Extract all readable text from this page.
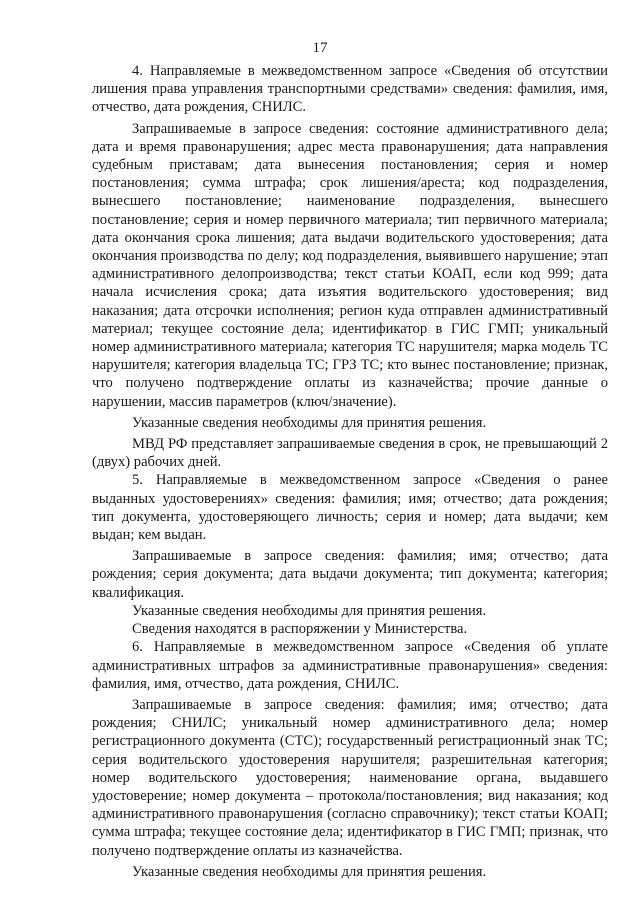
17

4. Направляемые в межведомственном запросе «Сведения об отсутствии лишения права управления транспортными средствами» сведения: фамилия, имя, отчество, дата рождения, СНИЛС.

Запрашиваемые в запросе сведения: состояние административного дела; дата и время правонарушения; адрес места правонарушения; дата направления судебным приставам; дата вынесения постановления; серия и номер постановления; сумма штрафа; срок лишения/ареста; код подразделения, вынесшего постановление; наименование подразделения, вынесшего постановление; серия и номер первичного материала; тип первичного материала; дата окончания срока лишения; дата выдачи водительского удостоверения; дата окончания производства по делу; код подразделения, выявившего нарушение; этап административного делопроизводства; текст статьи КОАП, если код 999; дата начала исчисления срока; дата изъятия водительского удостоверения; вид наказания; дата отсрочки исполнения; регион куда отправлен административный материал; текущее состояние дела; идентификатор в ГИС ГМП; уникальный номер административного материала; категория ТС нарушителя; марка модель ТС нарушителя; категория владельца ТС; ГРЗ ТС; кто вынес постановление; признак, что получено подтверждение оплаты из казначейства; прочие данные о нарушении, массив параметров (ключ/значение).

Указанные сведения необходимы для принятия решения.

МВД РФ представляет запрашиваемые сведения в срок, не превышающий 2 (двух) рабочих дней.

5. Направляемые в межведомственном запросе «Сведения о ранее выданных удостоверениях» сведения: фамилия; имя; отчество; дата рождения; тип документа, удостоверяющего личность; серия и номер; дата выдачи; кем выдан; кем выдан.

Запрашиваемые в запросе сведения: фамилия; имя; отчество; дата рождения; серия документа; дата выдачи документа; тип документа; категория; квалификация.

Указанные сведения необходимы для принятия решения.

Сведения находятся в распоряжении у Министерства.

6. Направляемые в межведомственном запросе «Сведения об уплате административных штрафов за административные правонарушения» сведения: фамилия, имя, отчество, дата рождения, СНИЛС.

Запрашиваемые в запросе сведения: фамилия; имя; отчество; дата рождения; СНИЛС; уникальный номер административного дела; номер регистрационного документа (СТС); государственный регистрационный знак ТС; серия водительского удостоверения нарушителя; разрешительная категория; номер водительского удостоверения; наименование органа, выдавшего удостоверение; номер документа – протокола/постановления; вид наказания; код административного правонарушения (согласно справочнику); текст статьи КОАП; сумма штрафа; текущее состояние дела; идентификатор в ГИС ГМП; признак, что получено подтверждение оплаты из казначейства.

Указанные сведения необходимы для принятия решения.
